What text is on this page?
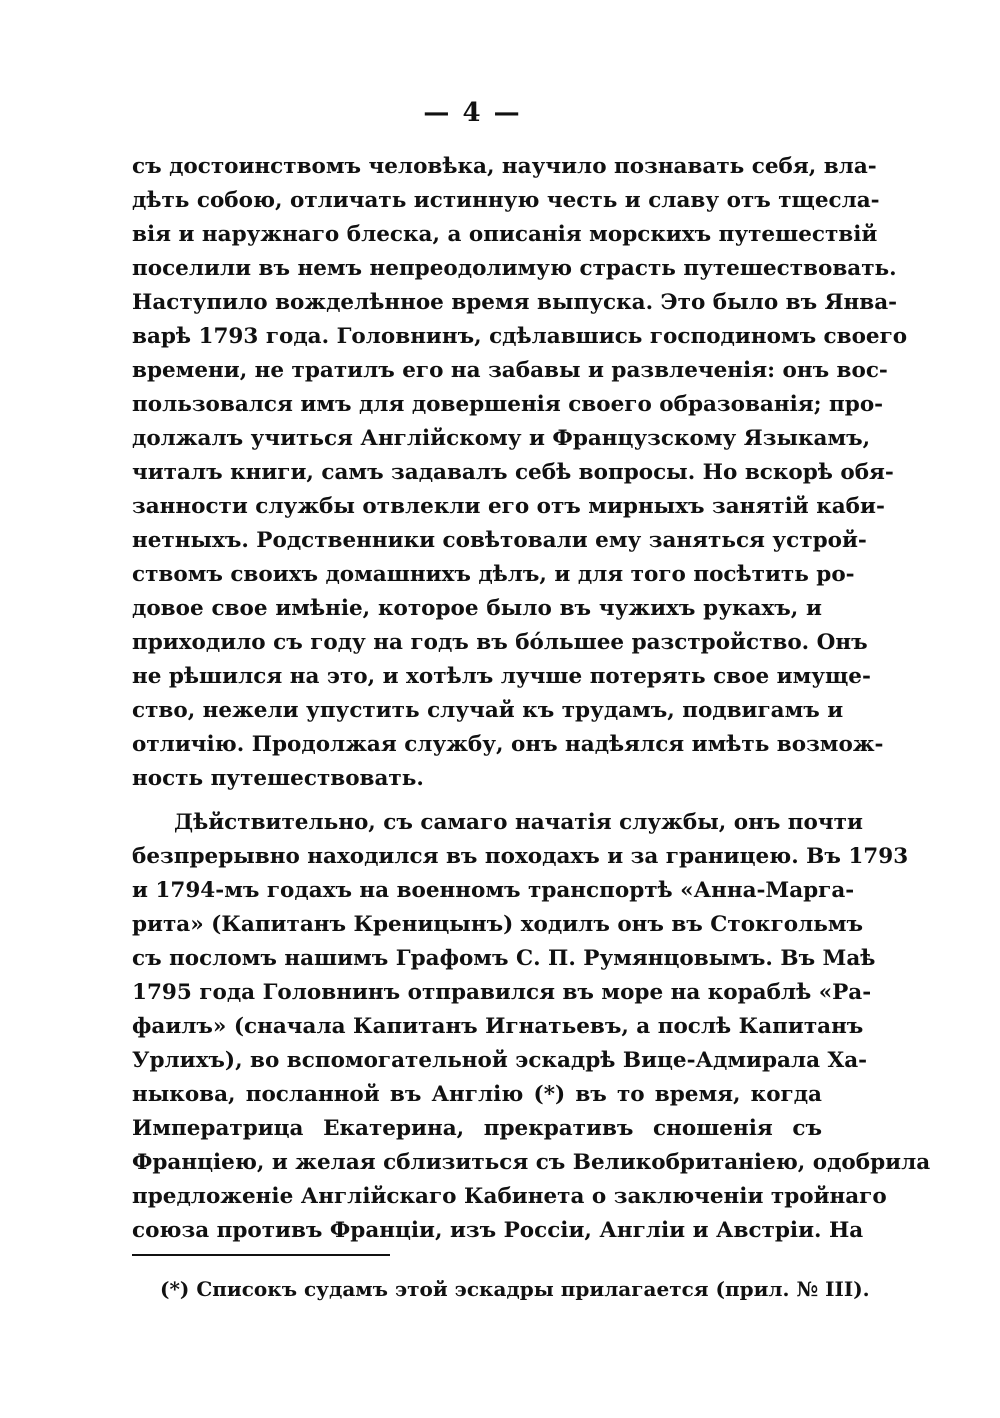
— 4 —
съ достоинствомъ человѣка, научило познавать себя, вла-
дѣть собою, отличать истинную честь и славу отъ тщесла-
вія и наружнаго блеска, а описанія морскихъ путешествій
поселили въ немъ непреодолимую страсть путешествовать.
Наступило вожделѣнное время выпуска. Это было въ Янва-
варѣ 1793 года. Головнинъ, сдѣлавшись господиномъ своего
времени, не тратилъ его на забавы и развлеченія: онъ вос-
пользовался имъ для довершенія своего образованія; про-
должалъ учиться Англійскому и Французскому Языкамъ,
читалъ книги, самъ задавалъ себѣ вопросы. Но вскорѣ обя-
занности службы отвлекли его отъ мирныхъ занятій каби-
нетныхъ. Родственники совѣтовали ему заняться устрой-
ствомъ своихъ домашнихъ дѣлъ, и для того посѣтить ро-
довое свое имѣніе, которое было въ чужихъ рукахъ, и
приходило съ году на годъ въ бóльшее разстройство. Онъ
не рѣшился на это, и хотѣлъ лучше потерять свое имуще-
ство, нежели упустить случай къ трудамъ, подвигамъ и
отличію. Продолжая службу, онъ надѣялся имѣть возмож-
ность путешествовать.
Дѣйствительно, съ самаго начатія службы, онъ почти
безпрерывно находился въ походахъ и за границею. Въ 1793
и 1794-мъ годахъ на военномъ транспортѣ «Анна-Марга-
рита» (Капитанъ Креницынъ) ходилъ онъ въ Стокгольмъ
съ посломъ нашимъ Графомъ С. П. Румянцовымъ. Въ Маѣ
1795 года Головнинъ отправился въ море на кораблѣ «Ра-
фаилъ» (сначала Капитанъ Игнатьевъ, а послѣ Капитанъ
Урлихъ), во вспомогательной эскадрѣ Вице-Адмирала Ха-
ныкова, посланной въ Англію (*) въ то время, когда
Императрица Екатерина, прекративъ сношенія съ
Франціею, и желая сблизиться съ Великобританіею, одобрила
предложеніе Англійскаго Кабинета о заключеніи тройнаго
союза противъ Франціи, изъ Россіи, Англіи и Австріи. На
(*) Списокъ судамъ этой эскадры прилагается (прил. № III).
